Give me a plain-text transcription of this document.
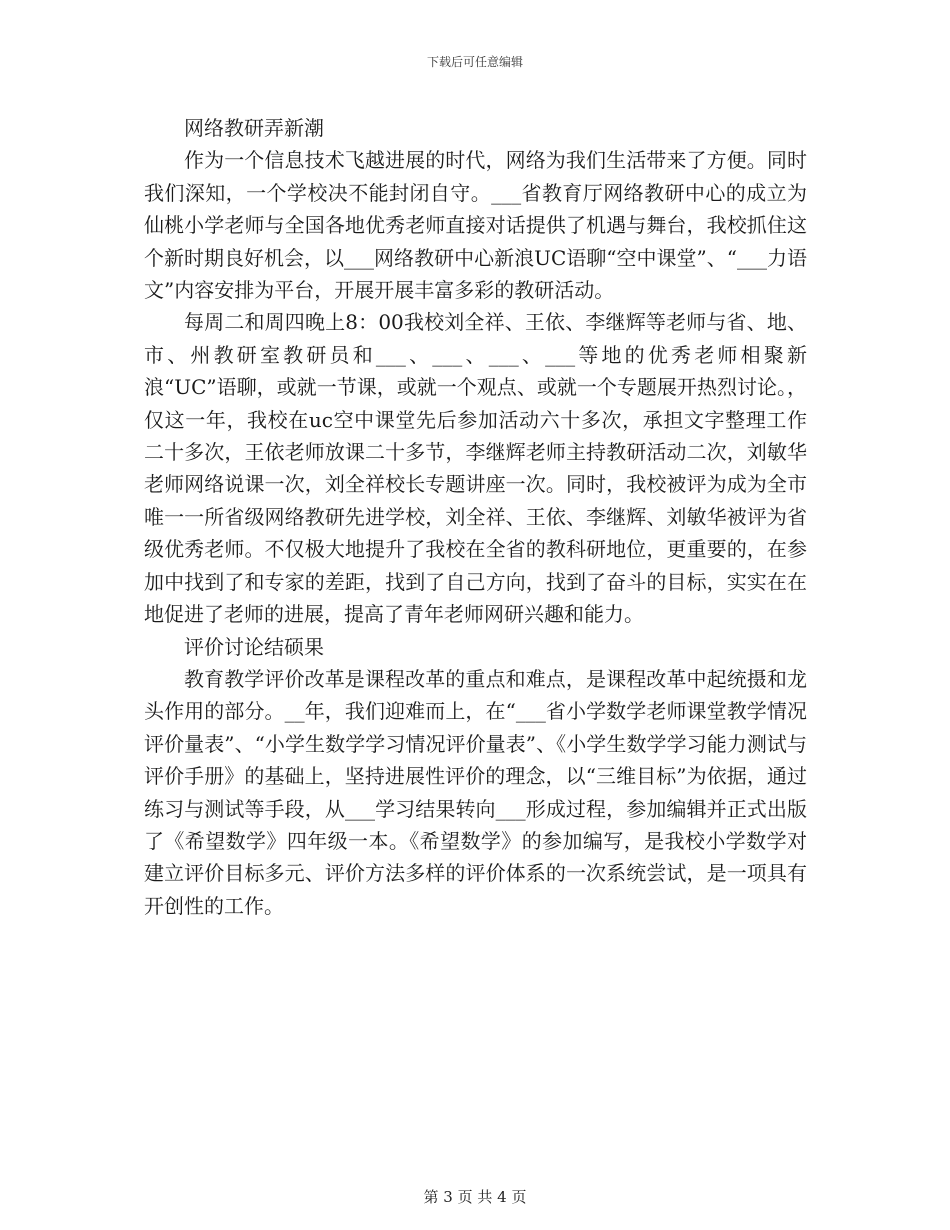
下载后可任意编辑

网络教研弄新潮

作为一个信息技术飞越进展的时代，网络为我们生活带来了方便。同时我们深知，一个学校决不能封闭自守。___省教育厅网络教研中心的成立为仙桃小学老师与全国各地优秀老师直接对话提供了机遇与舞台，我校抓住这个新时期良好机会，以___网络教研中心新浪UC语聊“空中课堂”、“___力语文”内容安排为平台，开展开展丰富多彩的教研活动。

每周二和周四晚上8：00我校刘全祥、王依、李继辉等老师与省、地、市、州教研室教研员和___、___、___、___等地的优秀老师相聚新浪“UC”语聊，或就一节课，或就一个观点、或就一个专题展开热烈讨论。，仅这一年，我校在uc空中课堂先后参加活动六十多次，承担文字整理工作二十多次，王依老师放课二十多节，李继辉老师主持教研活动二次，刘敏华老师网络说课一次，刘全祥校长专题讲座一次。同时，我校被评为成为全市唯一一所省级网络教研先进学校，刘全祥、王依、李继辉、刘敏华被评为省级优秀老师。不仅极大地提升了我校在全省的教科研地位，更重要的，在参加中找到了和专家的差距，找到了自己方向，找到了奋斗的目标，实实在在地促进了老师的进展，提高了青年老师网研兴趣和能力。

评价讨论结硕果

教育教学评价改革是课程改革的重点和难点，是课程改革中起统摄和龙头作用的部分。__年，我们迎难而上，在“___省小学数学老师课堂教学情况评价量表”、“小学生数学学习情况评价量表”、《小学生数学学习能力测试与评价手册》的基础上，坚持进展性评价的理念，以“三维目标”为依据，通过练习与测试等手段，从___学习结果转向___形成过程，参加编辑并正式出版了《希望数学》四年级一本。《希望数学》的参加编写，是我校小学数学对建立评价目标多元、评价方法多样的评价体系的一次系统尝试，是一项具有开创性的工作。

第 3 页 共 4 页
